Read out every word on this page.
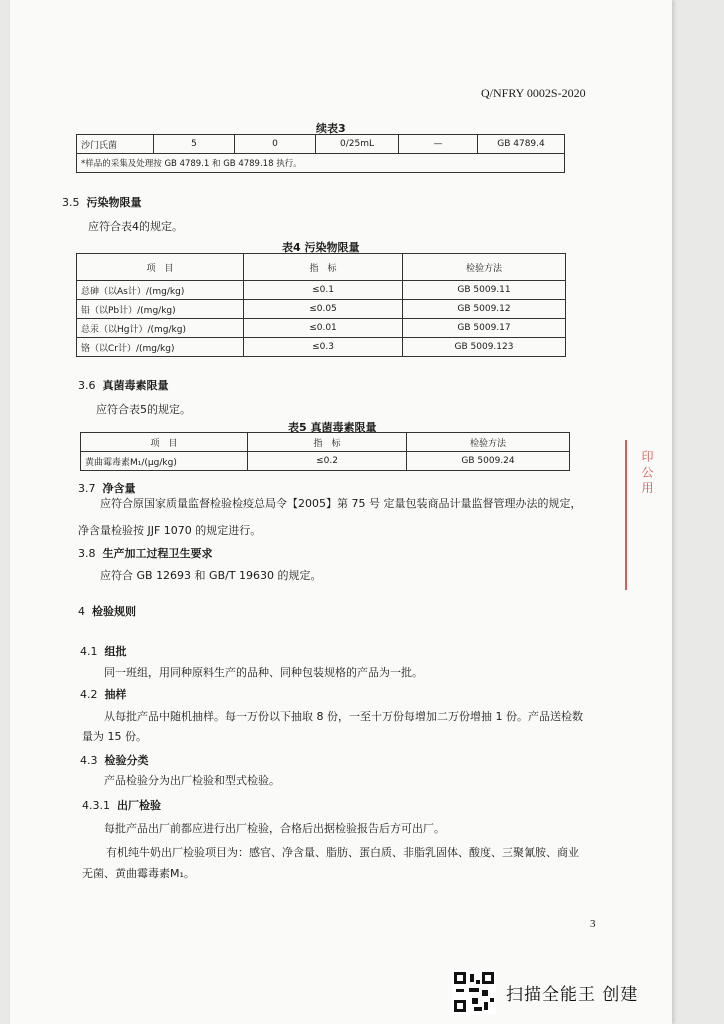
Q/NFRY 0002S-2020
续表3
沙门氏菌	5	0	0/25mL	—	GB 4789.4
*样品的采集及处理按 GB 4789.1 和 GB 4789.18 执行。
3.5 污染物限量
应符合表4的规定。
表4 污染物限量
项　目	指　标	检验方法
总砷（以As计）/(mg/kg)	≤0.1	GB 5009.11
铅（以Pb计）/(mg/kg)	≤0.05	GB 5009.12
总汞（以Hg计）/(mg/kg)	≤0.01	GB 5009.17
铬（以Cr计）/(mg/kg)	≤0.3	GB 5009.123
3.6 真菌毒素限量
应符合表5的规定。
表5 真菌毒素限量
项　目	指　标	检验方法
黄曲霉毒素M₁/(μg/kg)	≤0.2	GB 5009.24
3.7 净含量
应符合原国家质量监督检验检疫总局令【2005】第 75 号 定量包装商品计量监督管理办法的规定，
净含量检验按 JJF 1070 的规定进行。
3.8 生产加工过程卫生要求
应符合 GB 12693 和 GB/T 19630 的规定。
4 检验规则
4.1 组批
同一班组，用同种原料生产的品种、同种包装规格的产品为一批。
4.2 抽样
从每批产品中随机抽样。每一万份以下抽取 8 份，一至十万份每增加二万份增抽 1 份。产品送检数
量为 15 份。
4.3 检验分类
产品检验分为出厂检验和型式检验。
4.3.1 出厂检验
每批产品出厂前都应进行出厂检验，合格后出据检验报告后方可出厂。
有机纯牛奶出厂检验项目为：感官、净含量、脂肪、蛋白质、非脂乳固体、酸度、三聚氰胺、商业
无菌、黄曲霉毒素M₁。
3
印 公 用
扫描全能王 创建
